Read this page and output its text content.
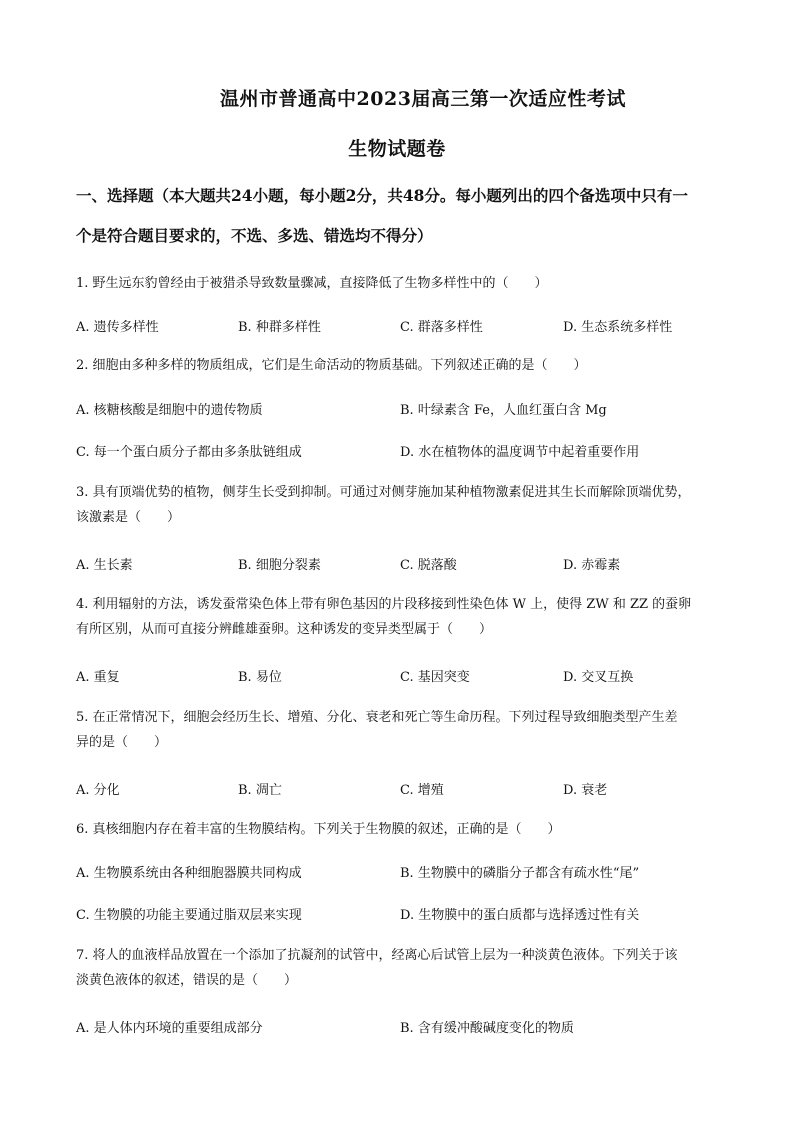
温州市普通高中2023届高三第一次适应性考试
生物试题卷
一、选择题（本大题共24小题，每小题2分，共48分。每小题列出的四个备选项中只有一
个是符合题目要求的，不选、多选、错选均不得分）
1. 野生远东豹曾经由于被猎杀导致数量骤减，直接降低了生物多样性中的（　　）
A. 遗传多样性	B. 种群多样性	C. 群落多样性	D. 生态系统多样性
2. 细胞由多种多样的物质组成，它们是生命活动的物质基础。下列叙述正确的是（　　）
A. 核糖核酸是细胞中的遗传物质	B. 叶绿素含 Fe，人血红蛋白含 Mg
C. 每一个蛋白质分子都由多条肽链组成	D. 水在植物体的温度调节中起着重要作用
3. 具有顶端优势的植物，侧芽生长受到抑制。可通过对侧芽施加某种植物激素促进其生长而解除顶端优势，
该激素是（　　）
A. 生长素	B. 细胞分裂素	C. 脱落酸	D. 赤霉素
4. 利用辐射的方法，诱发蚕常染色体上带有卵色基因的片段移接到性染色体 W 上，使得 ZW 和 ZZ 的蚕卵
有所区别，从而可直接分辨雌雄蚕卵。这种诱发的变异类型属于（　　）
A. 重复	B. 易位	C. 基因突变	D. 交叉互换
5. 在正常情况下，细胞会经历生长、增殖、分化、衰老和死亡等生命历程。下列过程导致细胞类型产生差
异的是（　　）
A. 分化	B. 凋亡	C. 增殖	D. 衰老
6. 真核细胞内存在着丰富的生物膜结构。下列关于生物膜的叙述，正确的是（　　）
A. 生物膜系统由各种细胞器膜共同构成	B. 生物膜中的磷脂分子都含有疏水性“尾”
C. 生物膜的功能主要通过脂双层来实现	D. 生物膜中的蛋白质都与选择透过性有关
7. 将人的血液样品放置在一个添加了抗凝剂的试管中，经离心后试管上层为一种淡黄色液体。下列关于该
淡黄色液体的叙述，错误的是（　　）
A. 是人体内环境的重要组成部分	B. 含有缓冲酸碱度变化的物质
